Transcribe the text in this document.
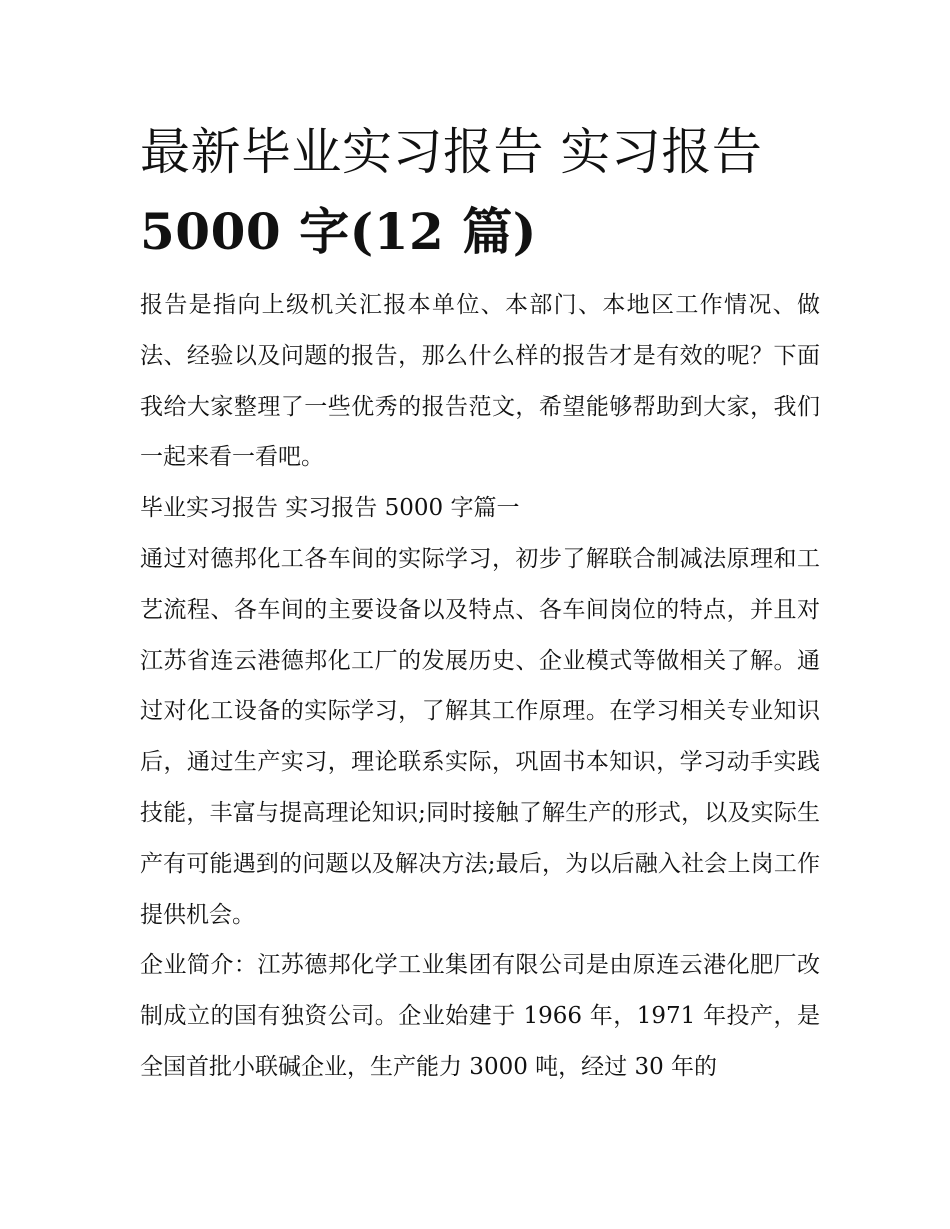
最新毕业实习报告 实习报告
5000 字(12 篇)

报告是指向上级机关汇报本单位、本部门、本地区工作情况、做法、经验以及问题的报告，那么什么样的报告才是有效的呢？下面我给大家整理了一些优秀的报告范文，希望能够帮助到大家，我们一起来看一看吧。

毕业实习报告 实习报告 5000 字篇一

通过对德邦化工各车间的实际学习，初步了解联合制减法原理和工艺流程、各车间的主要设备以及特点、各车间岗位的特点，并且对江苏省连云港德邦化工厂的发展历史、企业模式等做相关了解。通过对化工设备的实际学习，了解其工作原理。在学习相关专业知识后，通过生产实习，理论联系实际，巩固书本知识，学习动手实践技能，丰富与提高理论知识;同时接触了解生产的形式，以及实际生产有可能遇到的问题以及解决方法;最后，为以后融入社会上岗工作提供机会。

企业简介：江苏德邦化学工业集团有限公司是由原连云港化肥厂改制成立的国有独资公司。企业始建于 1966 年，1971 年投产，是全国首批小联碱企业，生产能力 3000 吨，经过 30 年的
